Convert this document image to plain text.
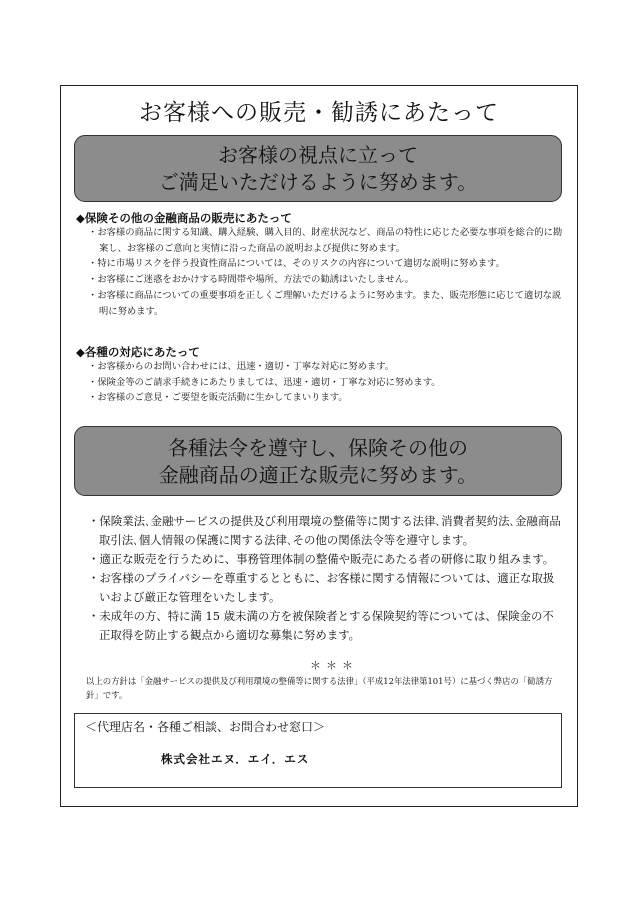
お客様への販売・勧誘にあたって
お客様の視点に立って
ご満足いただけるように努めます。
◆保険その他の金融商品の販売にあたって
・ お客様の商品に関する知識、購入経験、購入目的、財産状況など、商品の特性に応じた必要な事項を総合的に勘案し、お客様のご意向と実情に沿った商品の説明および提供に努めます。
・ 特に市場リスクを伴う投資性商品については、そのリスクの内容について適切な説明に努めます。
・ お客様にご迷惑をおかけする時間帯や場所、方法での勧誘はいたしません。
・ お客様に商品についての重要事項を正しくご理解いただけるように努めます。また、販売形態に応じて適切な説明に努めます。
◆各種の対応にあたって
・ お客様からのお問い合わせには、迅速・適切・丁寧な対応に努めます。
・ 保険金等のご請求手続きにあたりましては、迅速・適切・丁寧な対応に努めます。
・ お客様のご意見・ご要望を販売活動に生かしてまいります。
各種法令を遵守し、保険その他の
金融商品の適正な販売に努めます。
・ 保険業法､金融サービスの提供及び利用環境の整備等に関する法律､消費者契約法､金融商品取引法､個人情報の保護に関する法律､その他の関係法令等を遵守します。
・ 適正な販売を行うために、事務管理体制の整備や販売にあたる者の研修に取り組みます。
・ お客様のプライバシーを尊重するとともに、お客様に関する情報については、適正な取扱いおよび厳正な管理をいたします。
・ 未成年の方、特に満 15 歳未満の方を被保険者とする保険契約等については、保険金の不正取得を防止する観点から適切な募集に努めます。
＊＊＊
以上の方針は「金融サービスの提供及び利用環境の整備等に関する法律」（平成12年法律第101号）に基づく弊店の「勧誘方針」です。
＜代理店名・各種ご相談、お問合わせ窓口＞
株式会社エヌ．エイ．エス
